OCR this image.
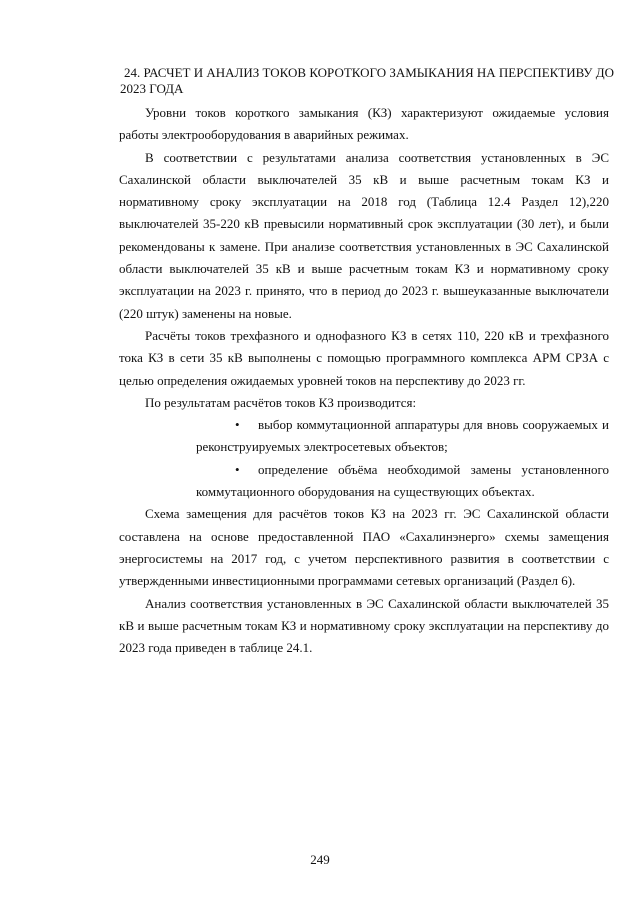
24. РАСЧЕТ И АНАЛИЗ ТОКОВ КОРОТКОГО ЗАМЫКАНИЯ НА ПЕРСПЕКТИВУ ДО 2023 ГОДА

Уровни токов короткого замыкания (КЗ) характеризуют ожидаемые условия работы электрооборудования в аварийных режимах.

В соответствии с результатами анализа соответствия установленных в ЭС Сахалинской области выключателей 35 кВ и выше расчетным токам КЗ и нормативному сроку эксплуатации на 2018 год (Таблица 12.4 Раздел 12),220 выключателей 35-220 кВ превысили нормативный срок эксплуатации (30 лет), и были рекомендованы к замене. При анализе соответствия установленных в ЭС Сахалинской области выключателей 35 кВ и выше расчетным токам КЗ и нормативному сроку эксплуатации на 2023 г. принято, что в период до 2023 г. вышеуказанные выключатели (220 штук) заменены на новые.

Расчёты токов трехфазного и однофазного КЗ в сетях 110, 220 кВ и трехфазного тока КЗ в сети 35 кВ выполнены с помощью программного комплекса АРМ СРЗА с целью определения ожидаемых уровней токов на перспективу до 2023 гг.

По результатам расчётов токов КЗ производится:

• выбор коммутационной аппаратуры для вновь сооружаемых и реконструируемых электросетевых объектов;
• определение объёма необходимой замены установленного коммутационного оборудования на существующих объектах.

Схема замещения для расчётов токов КЗ на 2023 гг. ЭС Сахалинской области составлена на основе предоставленной ПАО «Сахалинэнерго» схемы замещения энергосистемы на 2017 год, с учетом перспективного развития в соответствии с утвержденными инвестиционными программами сетевых организаций (Раздел 6).

Анализ соответствия установленных в ЭС Сахалинской области выключателей 35 кВ и выше расчетным токам КЗ и нормативному сроку эксплуатации на перспективу до 2023 года приведен в таблице 24.1.

249
